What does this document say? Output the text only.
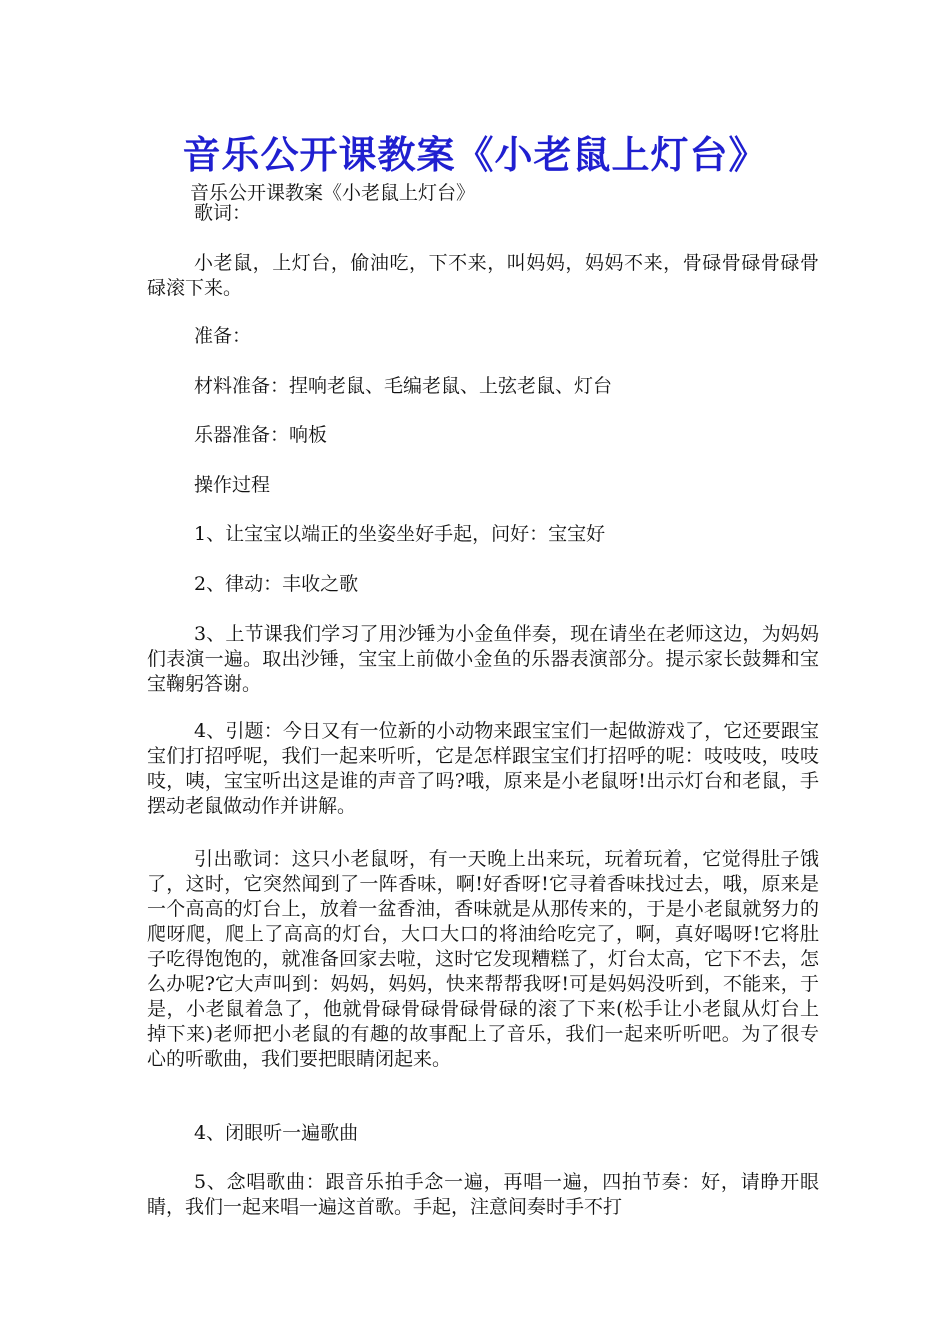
音乐公开课教案《小老鼠上灯台》
音乐公开课教案《小老鼠上灯台》

歌词：

小老鼠，上灯台，偷油吃，下不来，叫妈妈，妈妈不来，骨碌骨碌骨碌骨碌滚下来。

准备：

材料准备：捏响老鼠、毛编老鼠、上弦老鼠、灯台

乐器准备：响板

操作过程

1、让宝宝以端正的坐姿坐好手起，问好：宝宝好

2、律动：丰收之歌

3、上节课我们学习了用沙锤为小金鱼伴奏，现在请坐在老师这边，为妈妈们表演一遍。取出沙锤，宝宝上前做小金鱼的乐器表演部分。提示家长鼓舞和宝宝鞠躬答谢。

4、引题：今日又有一位新的小动物来跟宝宝们一起做游戏了，它还要跟宝宝们打招呼呢，我们一起来听听，它是怎样跟宝宝们打招呼的呢：吱吱吱，吱吱吱，咦，宝宝听出这是谁的声音了吗?哦，原来是小老鼠呀!出示灯台和老鼠，手摆动老鼠做动作并讲解。

引出歌词：这只小老鼠呀，有一天晚上出来玩，玩着玩着，它觉得肚子饿了，这时，它突然闻到了一阵香味，啊!好香呀!它寻着香味找过去，哦，原来是一个高高的灯台上，放着一盆香油，香味就是从那传来的，于是小老鼠就努力的爬呀爬，爬上了高高的灯台，大口大口的将油给吃完了，啊，真好喝呀!它将肚子吃得饱饱的，就准备回家去啦，这时它发现糟糕了，灯台太高，它下不去，怎么办呢?它大声叫到：妈妈，妈妈，快来帮帮我呀!可是妈妈没听到，不能来，于是，小老鼠着急了，他就骨碌骨碌骨碌骨碌的滚了下来(松手让小老鼠从灯台上掉下来)老师把小老鼠的有趣的故事配上了音乐，我们一起来听听吧。为了很专心的听歌曲，我们要把眼睛闭起来。

4、闭眼听一遍歌曲

5、念唱歌曲：跟音乐拍手念一遍，再唱一遍，四拍节奏：好，请睁开眼睛，我们一起来唱一遍这首歌。手起，注意间奏时手不打
